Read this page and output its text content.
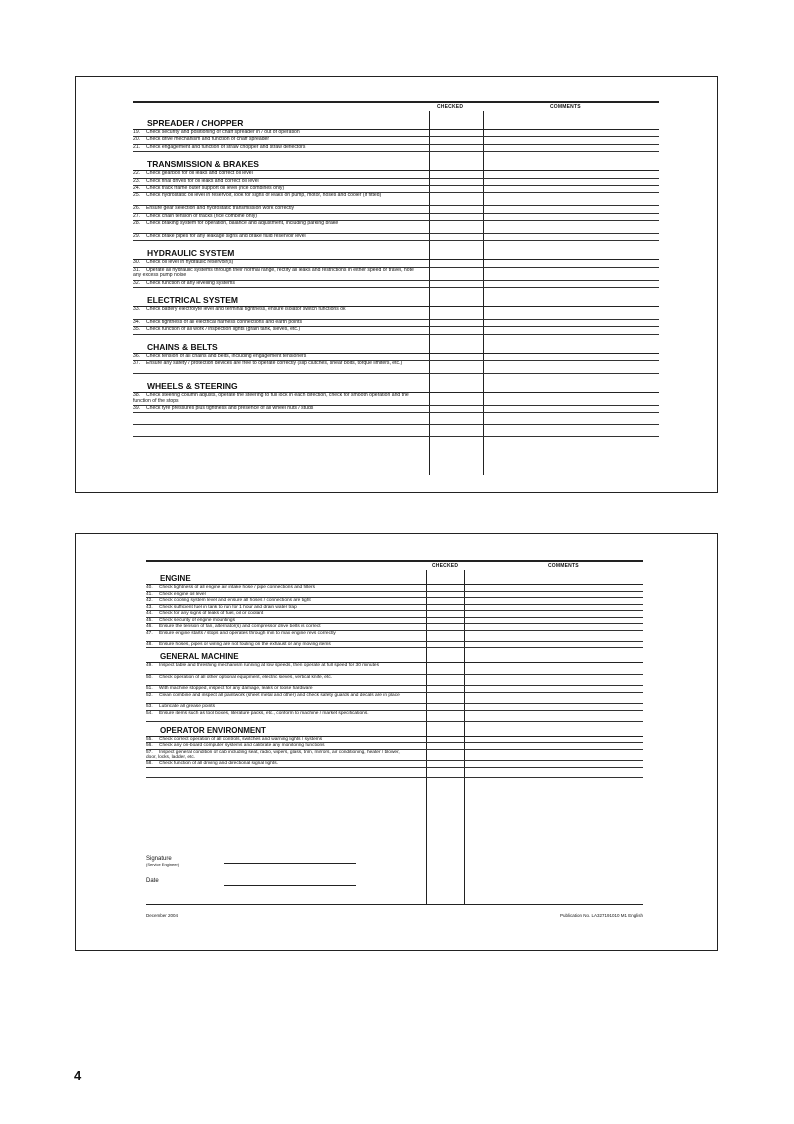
CHECKED	COMMENTS
SPREADER / CHOPPER
19. Check security and positioning of chaff spreader in / out of operation
20. Check drive mechanism and function of chaff spreader
21. Check engagement and function of straw chopper and straw deflectors
TRANSMISSION & BRAKES
22. Check gearbox for oil leaks and correct oil level
23. Check final drives for oil leaks and correct oil level
24. Check track frame outer support oil level (rice combines only)
25. Check hydrostatic oil level in reservoir, look for signs of leaks on pump, motor, hoses and cooler (if fitted)
26. Ensure gear selection and hydrostatic transmission work correctly
27. Check chain tension of tracks (rice combine only)
28. Check braking system for operation, balance and adjustment, including parking brake
29. Check brake pipes for any leakage signs and brake fluid reservoir level
HYDRAULIC SYSTEM
30. Check oil level in hydraulic reservoir(s)
31. Operate all hydraulic systems through their normal range, rectify all leaks and restrictions in either speed or travel, note any excess pump noise
32. Check function of any levelling systems
ELECTRICAL SYSTEM
33. Check battery electrolyte level and terminal tightness, ensure isolator switch functions ok
34. Check tightness of all electrical harness connections and earth points
35. Check function of all work / inspection lights (grain tank, sieves, etc.)
CHAINS & BELTS
36. Check tension of all chains and belts, including engagement tensioners
37. Ensure any safety / protection devices are free to operate correctly (slip clutches, shear bolts, torque limiters, etc.)
WHEELS & STEERING
38. Check steering column adjusts, operate the steering to full lock in each direction, check for smooth operation and the function of the stops
39. Check tyre pressures plus tightness and presence of all wheel nuts / studs
CHECKED	COMMENTS
ENGINE
40. Check tightness of all engine air intake hose / pipe connections and filters
41. Check engine oil level
42. Check cooling system level and ensure all hoses / connections are tight
43. Check sufficient fuel in tank to run for 1 hour and drain water trap
44. Check for any signs of leaks of fuel, oil or coolant
45. Check security of engine mountings
46. Ensure the tension of fan, alternator(s) and compressor drive belts is correct
47. Ensure engine starts / stops and operates through min to max engine revs correctly
48. Ensure hoses, pipes or wiring are not fouling on the exhaust or any moving items
GENERAL MACHINE
49. Inspect table and threshing mechanism running at low speeds, then operate at full speed for 30 minutes
50. Check operation of all other optional equipment, electric sieves, vertical knife, etc.
51. With machine stopped, inspect for any damage, leaks or loose hardware
52. Clean combine and inspect all paintwork (sheet metal and other) and check safety guards and decals are in place
53. Lubricate all grease points
54. Ensure items such as tool boxes, literature packs, etc., conform to machine / market specifications.
OPERATOR ENVIRONMENT
55. Check correct operation of all controls, switches and warning lights / systems
56. Check any on-board computer systems and calibrate any monitoring functions
57. Inspect general condition of cab including seat, radio, wipers, glass, trim, mirrors, air conditioning, heater / blower, door, locks, ladder, etc.
58. Check function of all driving and directional signal lights.
Signature
(Service Engineer)
Date
December 2004	Publication No. LA327191010 M1 English
4
